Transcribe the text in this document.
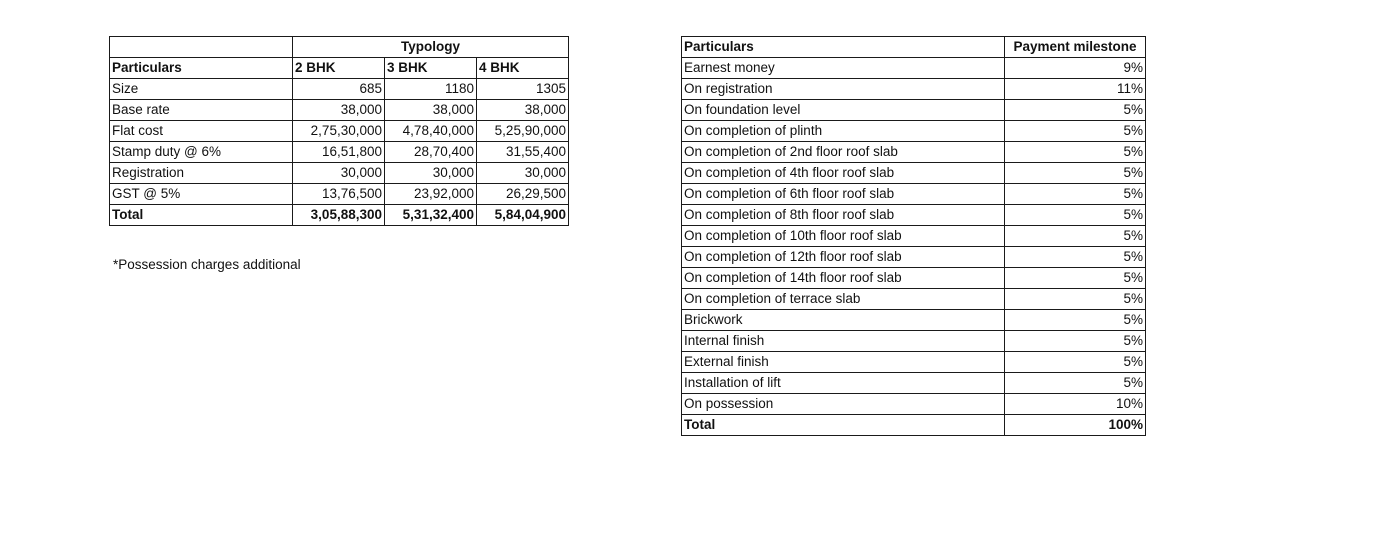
	Typology		
Particulars	2 BHK	3 BHK	4 BHK
Size	685	1180	1305
Base rate	38,000	38,000	38,000
Flat cost	2,75,30,000	4,78,40,000	5,25,90,000
Stamp duty @ 6%	16,51,800	28,70,400	31,55,400
Registration	30,000	30,000	30,000
GST @ 5%	13,76,500	23,92,000	26,29,500
Total	3,05,88,300	5,31,32,400	5,84,04,900
*Possession charges additional
Particulars	Payment milestone
Earnest money	9%
On registration	11%
On foundation level	5%
On completion of plinth	5%
On completion of 2nd floor roof slab	5%
On completion of 4th floor roof slab	5%
On completion of 6th floor roof slab	5%
On completion of 8th floor roof slab	5%
On completion of 10th floor roof slab	5%
On completion of 12th floor roof slab	5%
On completion of 14th floor roof slab	5%
On completion of terrace slab	5%
Brickwork	5%
Internal finish	5%
External finish	5%
Installation of lift	5%
On possession	10%
Total	100%
